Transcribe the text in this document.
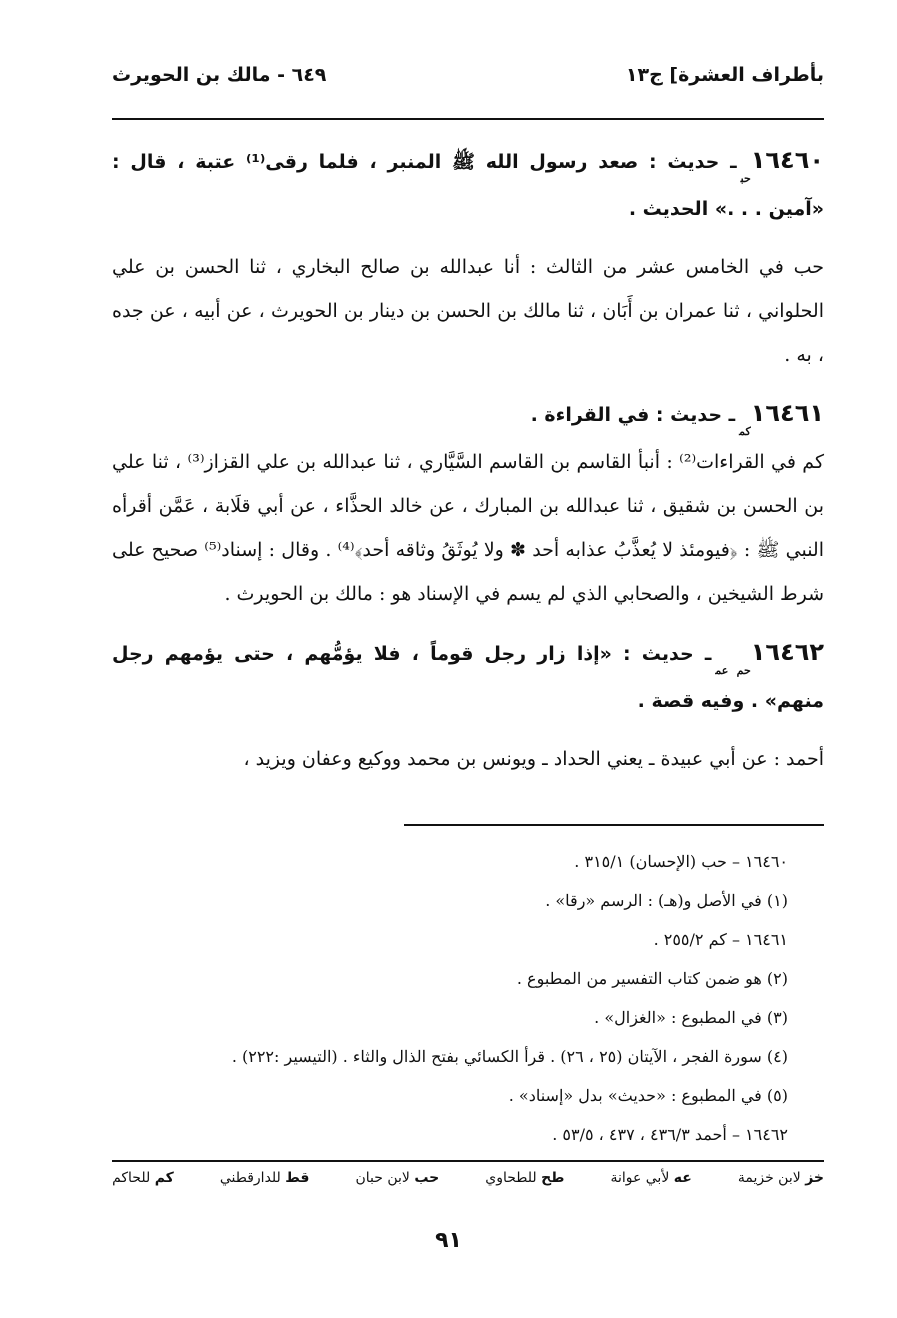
بأطراف العشرة] ج١٣
٦٤٩ - مالك بن الحويرث

$١٦٤٦٠_{حب}ـ$ حديث : صعد رسول الله ﷺ المنبر ، فلما رقى⁽¹⁾ عتبة ، قال : «آمين . . .» الحديث .

حب في الخامس عشر من الثالث : أنا عبدالله بن صالح البخاري ، ثنا الحسن بن علي الحلواني ، ثنا عمران بن أَبَان ، ثنا مالك بن الحسن بن دينار بن الحويرث ، عن أبيه ، عن جده ، به .

$١٦٤٦١_{كم}ـ$ حديث : في القراءة .

كم في القراءات⁽²⁾ : أنبأ القاسم بن القاسم السَّيَّاري ، ثنا عبدالله بن علي القزاز⁽³⁾ ، ثنا علي بن الحسن بن شقيق ، ثنا عبدالله بن المبارك ، عن خالد الحذَّاء ، عن أبي قلَابة ، عَمَّن أقرأه النبي ﷺ : ﴿فيومئذ لا يُعذَّبُ عذابه أحد ✽ ولا يُوثَقُ وثاقه أحد﴾⁽⁴⁾ . وقال : إسناد⁽⁵⁾ صحيح على شرط الشيخين ، والصحابي الذي لم يسم في الإسناد هو : مالك بن الحويرث .

$١٦٤٦٢_{حم عم}ـ$ حديث : «إذا زار رجل قوماً ، فلا يؤمُّهم ، حتى يؤمهم رجل منهم» . وفيه قصة .

أحمد : عن أبي عبيدة ـ يعني الحداد ـ ويونس بن محمد ووكيع وعفان ويزيد ،

١٦٤٦٠ – حب (الإحسان) ٣١٥/١ .

(١) في الأصل و(هـ) : الرسم «رقا» .

١٦٤٦١ – كم ٢٥٥/٢ .

(٢) هو ضمن كتاب التفسير من المطبوع .

(٣) في المطبوع : «الغزال» .

(٤) سورة الفجر ، الآيتان (٢٥ ، ٢٦) . قرأ الكسائي بفتح الذال والثاء . (التيسير :٢٢٢) .

(٥) في المطبوع : «حديث» بدل «إسناد» .

١٦٤٦٢ – أحمد ٤٣٦/٣ ، ٤٣٧ ، ٥٣/٥ .

خز لابن خزيمة
عه لأبي عوانة
طح للطحاوي
حب لابن حبان
قط للدارقطني
كم للحاكم
٩١
